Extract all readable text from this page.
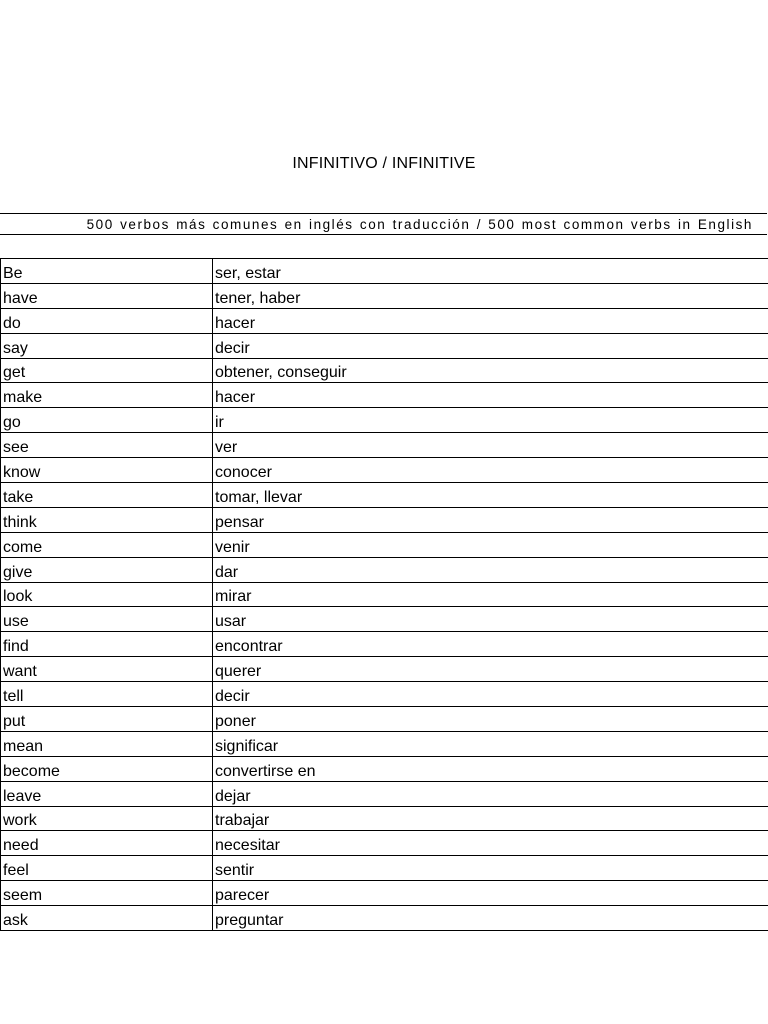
INFINITIVO / INFINITIVE
500 verbos más comunes en inglés con traducción / 500 most common verbs in English
Be	ser, estar
have	tener, haber
do	hacer
say	decir
get	obtener, conseguir
make	hacer
go	ir
see	ver
know	conocer
take	tomar, llevar
think	pensar
come	venir
give	dar
look	mirar
use	usar
find	encontrar
want	querer
tell	decir
put	poner
mean	significar
become	convertirse en
leave	dejar
work	trabajar
need	necesitar
feel	sentir
seem	parecer
ask	preguntar
